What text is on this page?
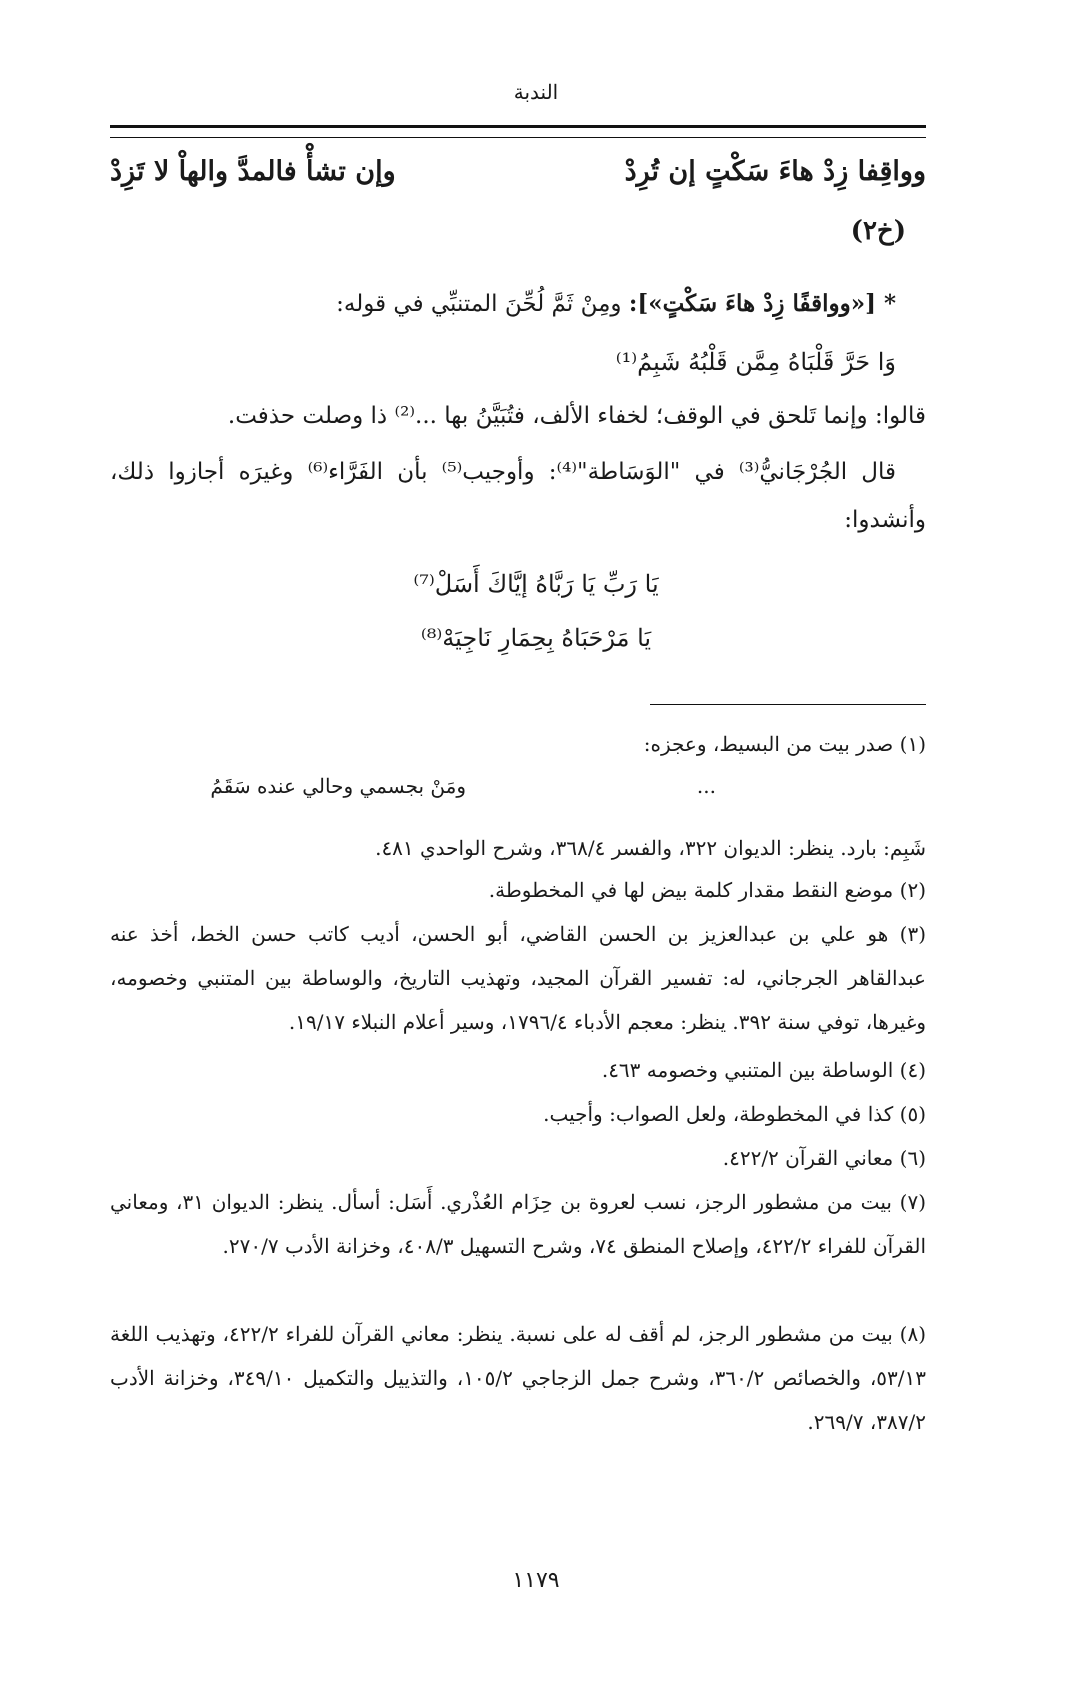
الندبة
وواقِفا زِدْ هاءَ سَكْتٍ إن تُرِدْ
وإن تشأْ فالمدَّ والهاْ لا تَزِدْ
(خ٢)
* [«وواقفًا زِدْ هاءَ سَكْتٍ»]: ومِنْ ثَمَّ لُحِّنَ المتنبِّي في قوله:
وَا حَرَّ قَلْبَاهُ مِمَّن قَلْبُهُ شَبِمُ⁽¹⁾
قالوا: وإنما تَلحق في الوقف؛ لخفاء الألف، فتُبَيَّنُ بها ...⁽²⁾ ذا وصلت حذفت.
قال الجُرْجَانيُّ⁽³⁾ في "الوَسَاطة"⁽⁴⁾: وأوجيب⁽⁵⁾ بأن الفَرَّاء⁽⁶⁾ وغيرَه أجازوا ذلك، وأنشدوا:
يَا رَبِّ يَا رَبَّاهُ إيَّاكَ أَسَلْ⁽⁷⁾
يَا مَرْحَبَاهُ بِحِمَارِ نَاجِيَهْ⁽⁸⁾
(١) صدر بيت من البسيط، وعجزه:
...
ومَنْ بجسمي وحالي عنده سَقَمُ
شَبِم: بارد. ينظر: الديوان ٣٢٢، والفسر ٣٦٨/٤، وشرح الواحدي ٤٨١.
(٢) موضع النقط مقدار كلمة بيض لها في المخطوطة.
(٣) هو علي بن عبدالعزيز بن الحسن القاضي، أبو الحسن، أديب كاتب حسن الخط، أخذ عنه عبدالقاهر الجرجاني، له: تفسير القرآن المجيد، وتهذيب التاريخ، والوساطة بين المتنبي وخصومه، وغيرها، توفي سنة ٣٩٢. ينظر: معجم الأدباء ١٧٩٦/٤، وسير أعلام النبلاء ١٩/١٧.
(٤) الوساطة بين المتنبي وخصومه ٤٦٣.
(٥) كذا في المخطوطة، ولعل الصواب: وأجيب.
(٦) معاني القرآن ٤٢٢/٢.
(٧) بيت من مشطور الرجز، نسب لعروة بن حِزَام العُذْري. أَسَل: أسأل. ينظر: الديوان ٣١، ومعاني القرآن للفراء ٤٢٢/٢، وإصلاح المنطق ٧٤، وشرح التسهيل ٤٠٨/٣، وخزانة الأدب ٢٧٠/٧.
(٨) بيت من مشطور الرجز، لم أقف له على نسبة. ينظر: معاني القرآن للفراء ٤٢٢/٢، وتهذيب اللغة ٥٣/١٣، والخصائص ٣٦٠/٢، وشرح جمل الزجاجي ١٠٥/٢، والتذييل والتكميل ٣٤٩/١٠، وخزانة الأدب ٣٨٧/٢، ٢٦٩/٧.
١١٧٩
